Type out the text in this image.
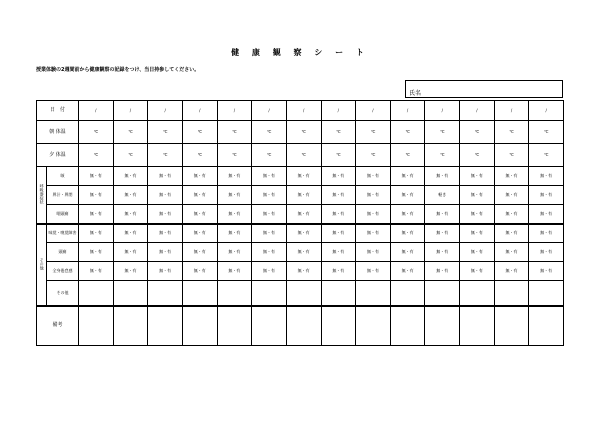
健 康 観 察 シ ー ト
授業体験の2週間前から健康観察の記録をつけ、当日持参してください。
氏名
日　付		/	/	/	/	/	/	/	/	/	/	/	/	/	/
朝 体温		℃	℃	℃	℃	℃	℃	℃	℃	℃	℃	℃	℃	℃	℃
夕 体温		℃	℃	℃	℃	℃	℃	℃	℃	℃	℃	℃	℃	℃	℃
呼吸器症状	咳	無・有	無・有	無・有	無・有	無・有	無・有	無・有	無・有	無・有	無・有	無・有	無・有	無・有	無・有
	鼻汁・鼻閉	無・有	無・有	無・有	無・有	無・有	無・有	無・有	無・有	無・有	無・有	軽き	無・有	無・有	無・有
	咽頭痛	無・有	無・有	無・有	無・有	無・有	無・有	無・有	無・有	無・有	無・有	無・有	無・有	無・有	無・有
その他	味覚・嗅覚障害	無・有	無・有	無・有	無・有	無・有	無・有	無・有	無・有	無・有	無・有	無・有	無・有	無・有	無・有
	頭痛	無・有	無・有	無・有	無・有	無・有	無・有	無・有	無・有	無・有	無・有	無・有	無・有	無・有	無・有
	全身倦怠感	無・有	無・有	無・有	無・有	無・有	無・有	無・有	無・有	無・有	無・有	無・有	無・有	無・有	無・有
	その他														
備考															
